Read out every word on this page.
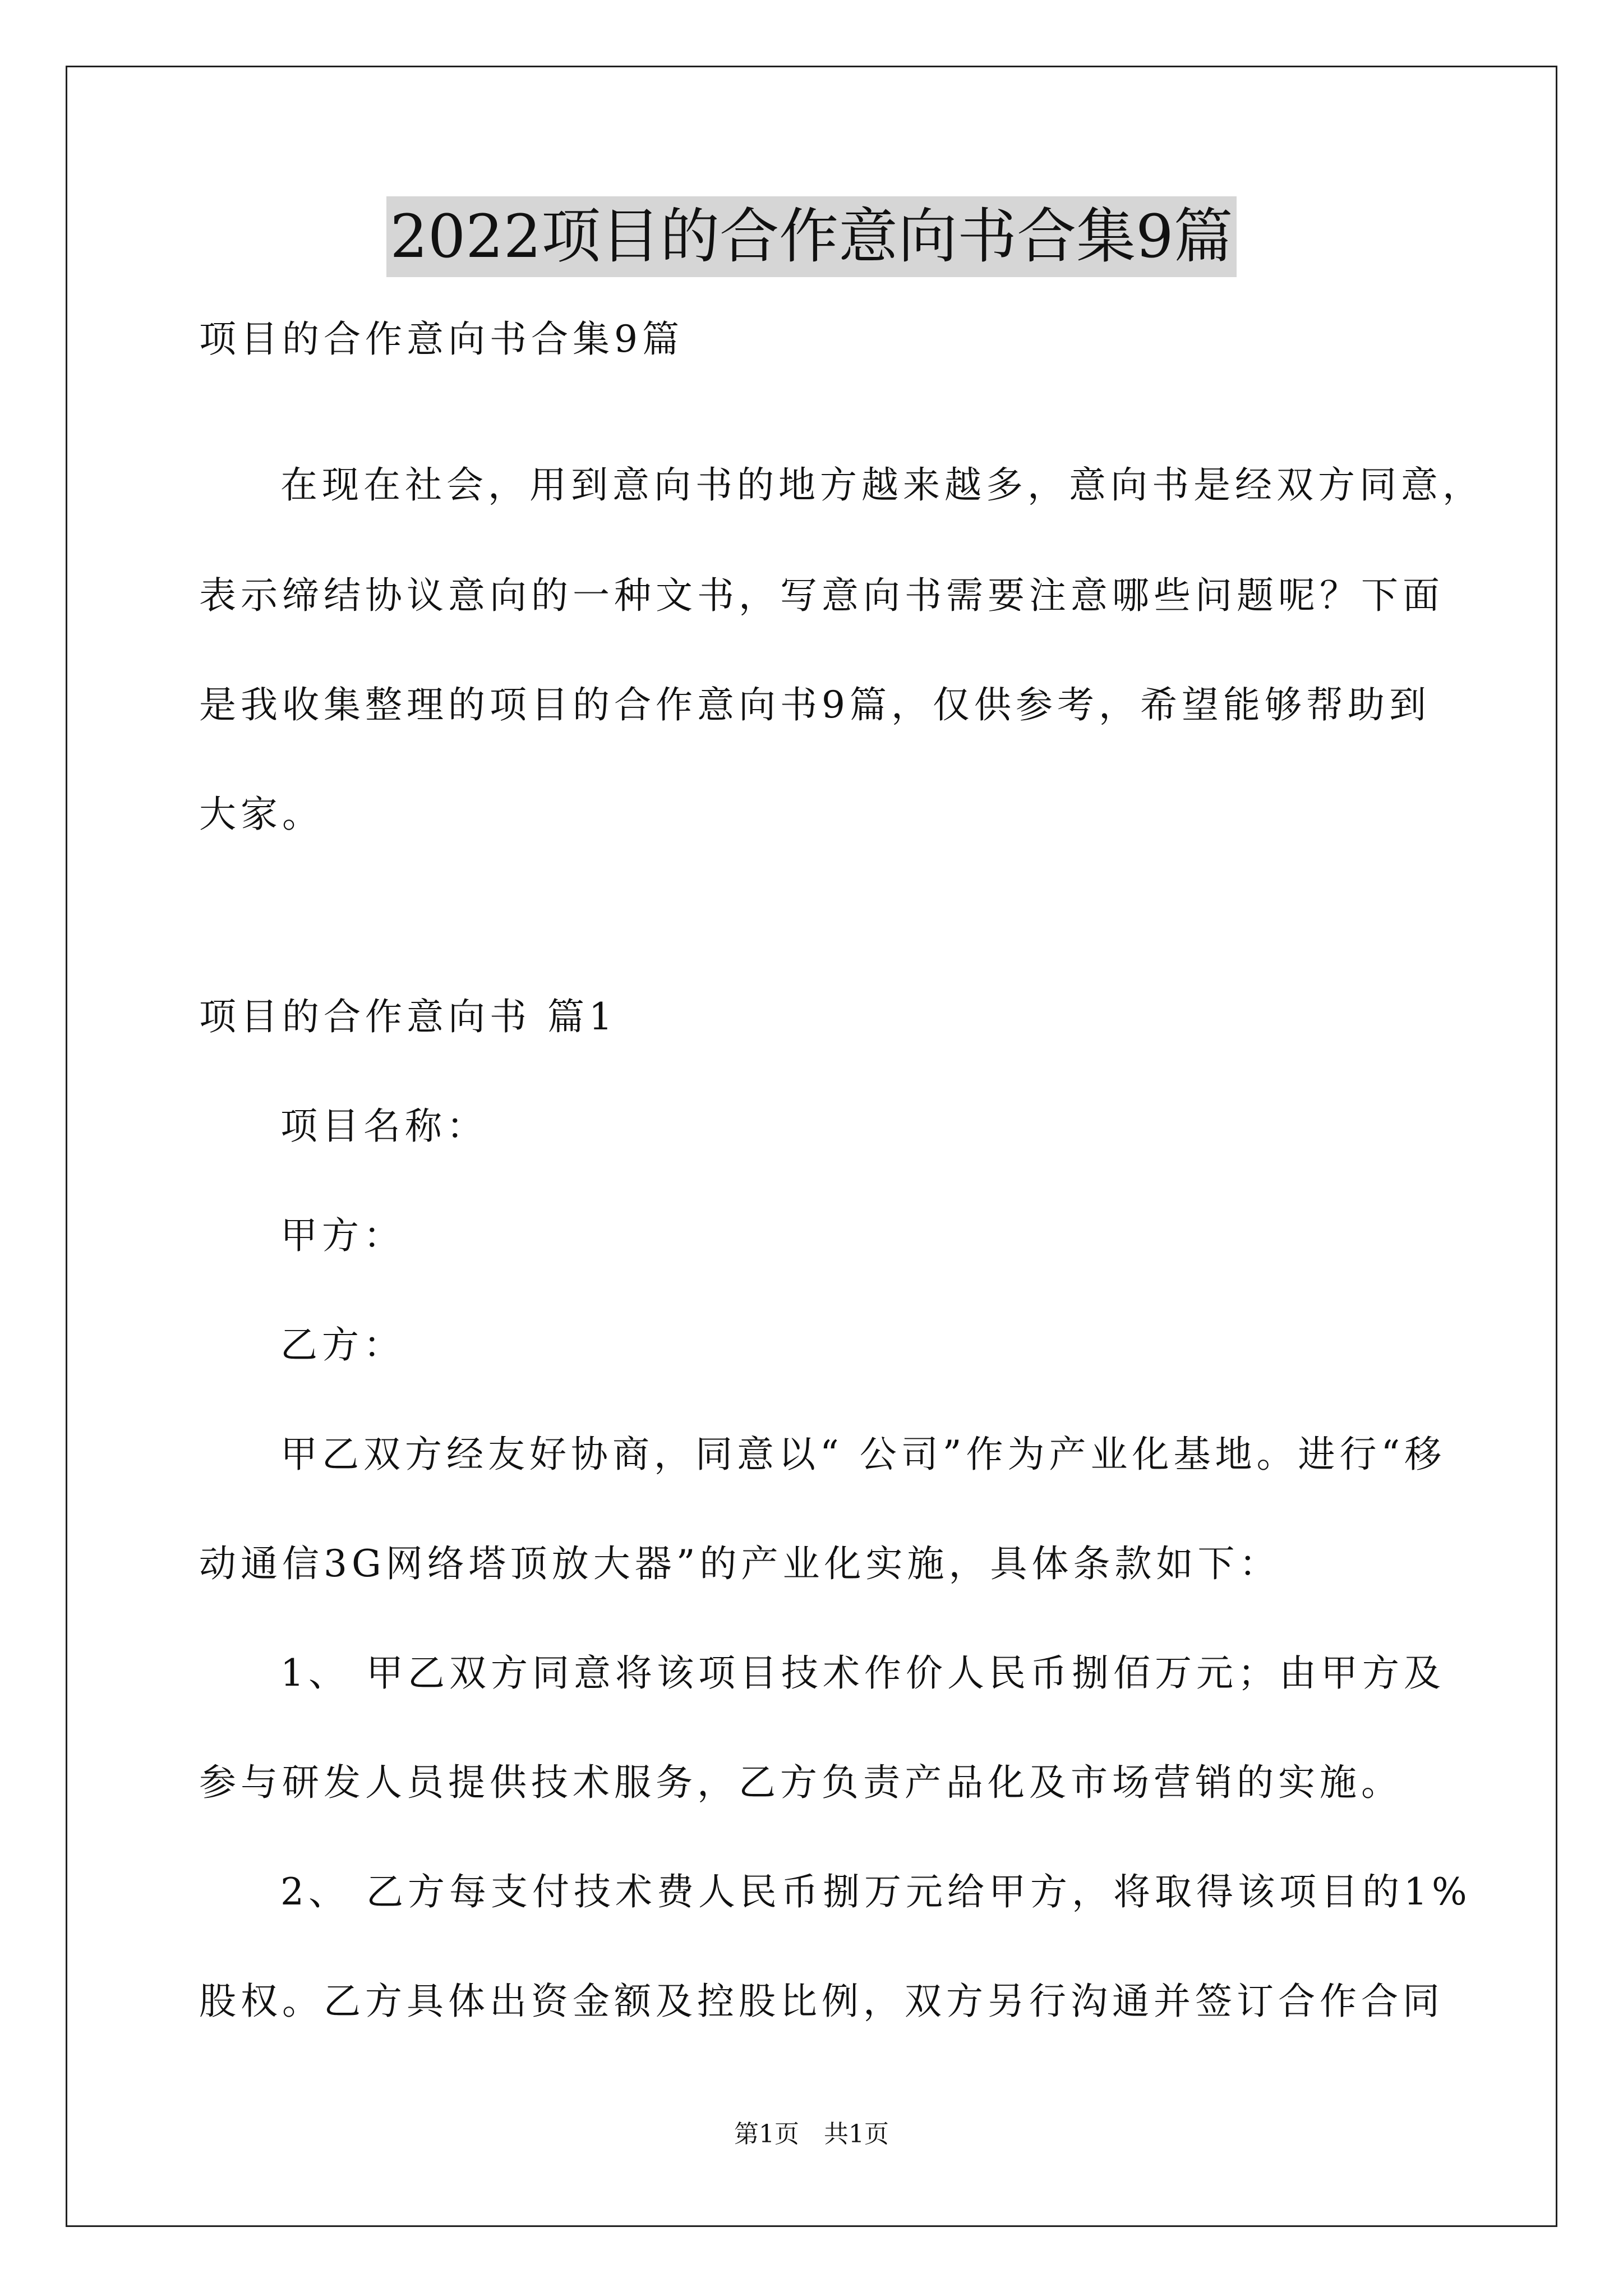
2022项目的合作意向书合集9篇
项目的合作意向书合集9篇
在现在社会，用到意向书的地方越来越多，意向书是经双方同意，
表示缔结协议意向的一种文书，写意向书需要注意哪些问题呢？下面
是我收集整理的项目的合作意向书9篇，仅供参考，希望能够帮助到
大家。
项目的合作意向书 篇1
项目名称：
甲方：
乙方：
甲乙双方经友好协商，同意以“ 公司”作为产业化基地。进行“移
动通信3G网络塔顶放大器”的产业化实施，具体条款如下：
1、 甲乙双方同意将该项目技术作价人民币捌佰万元；由甲方及
参与研发人员提供技术服务，乙方负责产品化及市场营销的实施。
2、 乙方每支付技术费人民币捌万元给甲方，将取得该项目的1%
股权。乙方具体出资金额及控股比例，双方另行沟通并签订合作合同
第1页　共1页
